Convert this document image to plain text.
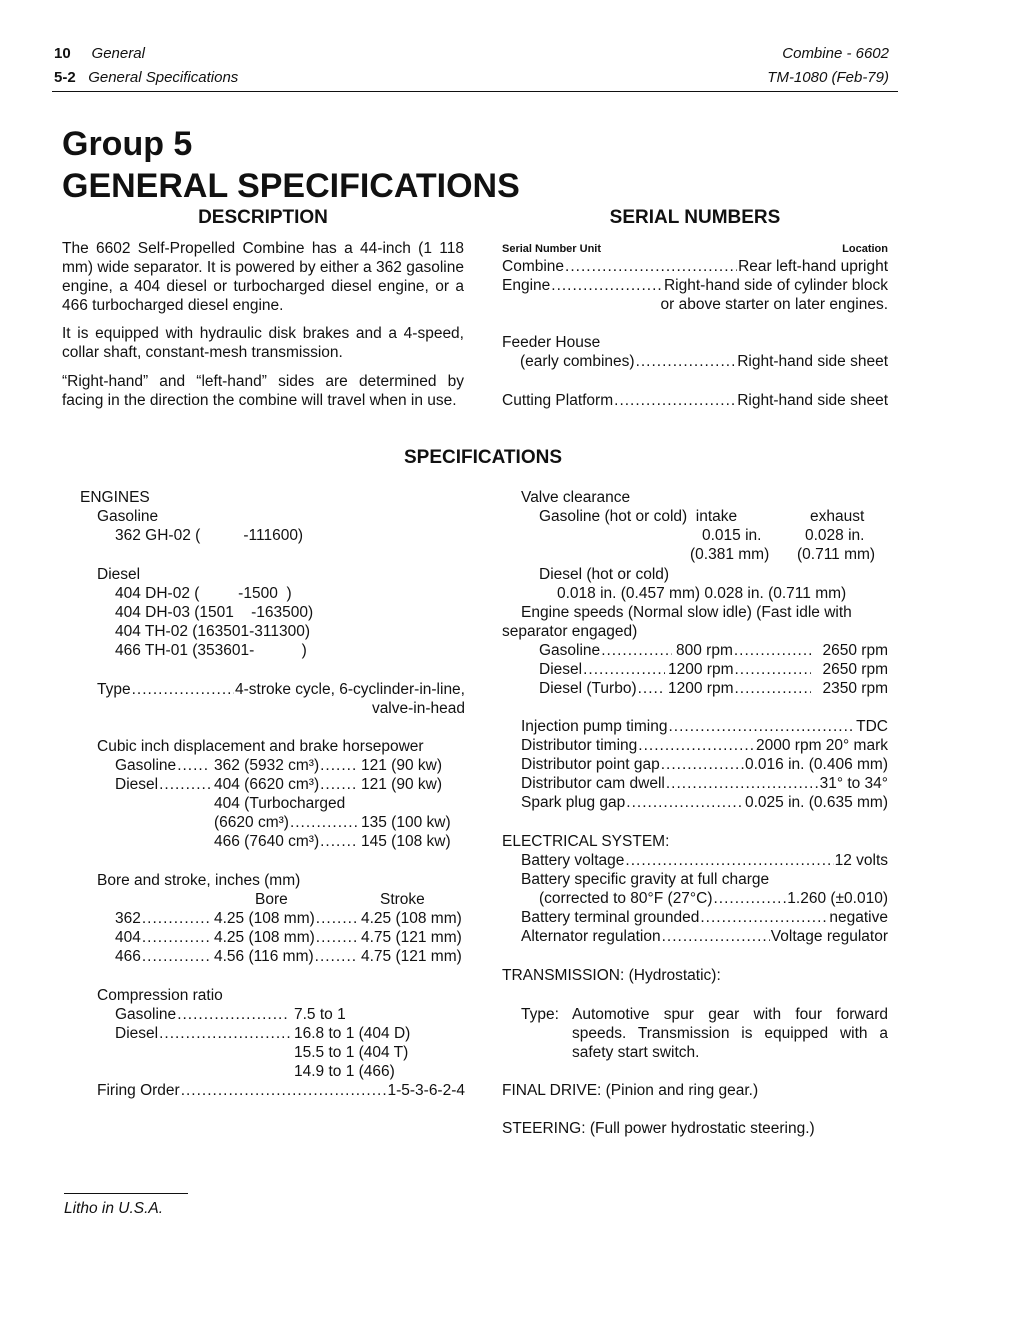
10 General
5-2 General Specifications
Combine - 6602
TM-1080 (Feb-79)
Group 5
GENERAL SPECIFICATIONS
DESCRIPTION
The 6602 Self-Propelled Combine has a 44-inch (1 118 mm) wide separator. It is powered by either a 362 gasoline engine, a 404 diesel or turbocharged diesel engine, or a 466 turbocharged diesel engine.
It is equipped with hydraulic disk brakes and a 4-speed, collar shaft, constant-mesh transmission.
“Right-hand” and “left-hand” sides are determined by facing in the direction the combine will travel when in use.
SERIAL NUMBERS
Serial Number Unit	Location
Combine .....	Rear left-hand upright
Engine .....	Right-hand side of cylinder block
or above starter on later engines.
Feeder House
(early combines) .....	Right-hand side sheet
Cutting Platform .....	Right-hand side sheet
SPECIFICATIONS
ENGINES
Gasoline
362 GH-02 (          -111600)
Diesel
404 DH-02 (         -1500  )
404 DH-03 (1501    -163500)
404 TH-02 (163501-311300)
466 TH-01 (353601-           )
Type .....	4-stroke cycle, 6-cyclinder-in-line,
valve-in-head
Cubic inch displacement and brake horsepower
Gasoline ..... 362 (5932 cm³) .....	121 (90 kw)
Diesel .....	404 (6620 cm³) .....	121 (90 kw)
404 (Turbocharged
(6620 cm³) .....	135 (100 kw)
466 (7640 cm³) .....	145 (108 kw)
Bore and stroke, inches (mm)
Bore	Stroke
362 .....	4.25 (108 mm) .....	4.25 (108 mm)
404 .....	4.25 (108 mm) .....	4.75 (121 mm)
466 .....	4.56 (116 mm) .....	4.75 (121 mm)
Compression ratio
Gasoline .....	7.5 to 1
Diesel .....	16.8 to 1 (404 D)
15.5 to 1 (404 T)
14.9 to 1 (466)
Firing Order .....	1-5-3-6-2-4
Valve clearance
Gasoline (hot or cold)  intake	exhaust
0.015 in.	0.028 in.
(0.381 mm) (0.711 mm)
Diesel (hot or cold)
0.018 in. (0.457 mm) 0.028 in. (0.711 mm)
Engine speeds (Normal slow idle) (Fast idle with
separator engaged)
Gasoline .....	800 rpm .....	2650 rpm
Diesel .....	1200 rpm .....	2650 rpm
Diesel (Turbo) ..... 1200 rpm .....	2350 rpm
Injection pump timing .....	TDC
Distributor timing .....	2000 rpm 20° mark
Distributor point gap .....	0.016 in. (0.406 mm)
Distributor cam dwell .....	31° to 34°
Spark plug gap .....	0.025 in. (0.635 mm)
ELECTRICAL SYSTEM:
Battery voltage .....	12 volts
Battery specific gravity at full charge
(corrected to 80°F (27°C) .....	1.260 (±0.010)
Battery terminal grounded .....	negative
Alternator regulation .....	Voltage regulator
TRANSMISSION: (Hydrostatic):
Type: Automotive spur gear with four forward speeds. Transmission is equipped with a safety start switch.
FINAL DRIVE: (Pinion and ring gear.)
STEERING: (Full power hydrostatic steering.)
Litho in U.S.A.
